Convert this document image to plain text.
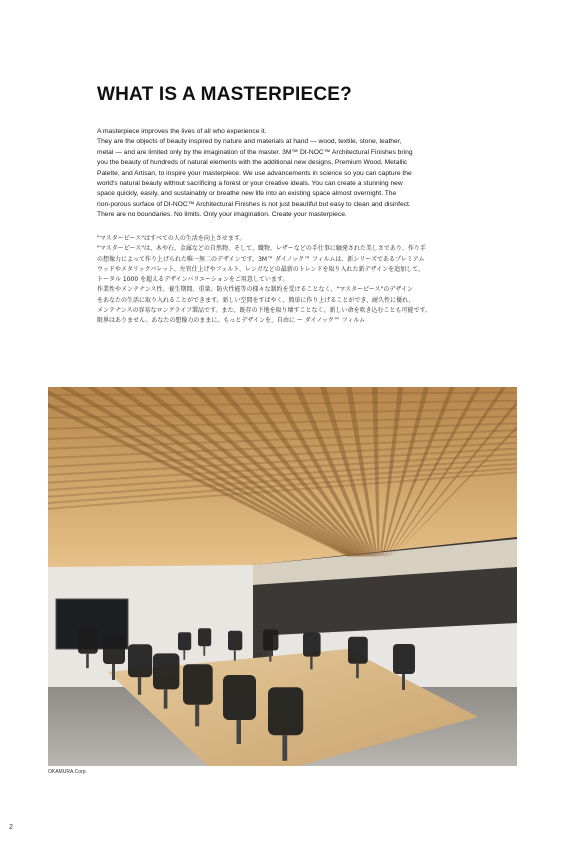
WHAT IS A MASTERPIECE?
A masterpiece improves the lives of all who experience it.
They are the objects of beauty inspired by nature and materials at hand — wood, textile, stone, leather,
metal — and are limited only by the imagination of the master. 3M™ DI-NOC™ Architectural Finishes bring
you the beauty of hundreds of natural elements with the additional new designs, Premium Wood, Metallic
Palette, and Artisan, to inspire your masterpiece. We use advancements in science so you can capture the
world's natural beauty without sacrificing a forest or your creative ideals. You can create a stunning new
space quickly, easily, and sustainably or breathe new life into an existing space almost overnight. The
non-porous surface of DI-NOC™ Architectural Finishes is not just beautiful but easy to clean and disinfect.
There are no boundaries. No limits. Only your imagination. Create your masterpiece.
"マスターピース"はすべての人の生活を向上させます。
"マスターピース"は、木や石、金属などの自然物、そして、織物、レザーなどの手仕事に触発された美しさであり、作り手
の想像力によって作り上げられた唯一無二のデザインです。3M™ ダイノック™ フィルムは、新シリーズであるプレミアム
ウッドやメタリックパレット、左官仕上げやフェルト、レンガなどの最新のトレンドを取り入れた新デザインを追加して、
トータル 1000 を超えるデザインバリエーションをご用意しています。
作業性やメンテナンス性、養生期間、重量、防火性能等の様々な制約を受けることなく、"マスターピース"のデザイン
をあなたの生活に取り入れることができます。新しい空間をすばやく、簡単に作り上げることができ、耐久性に優れ、
メンテナンスの容易なロングライフ製品です。また、既存の下地を取り壊すことなく、新しい命を吹き込むことも可能です。
限界はありません。あなたの想像力のままに。もっとデザインを、自由に ー ダイノック™ フィルム

OKAMURA.Corp.

2
